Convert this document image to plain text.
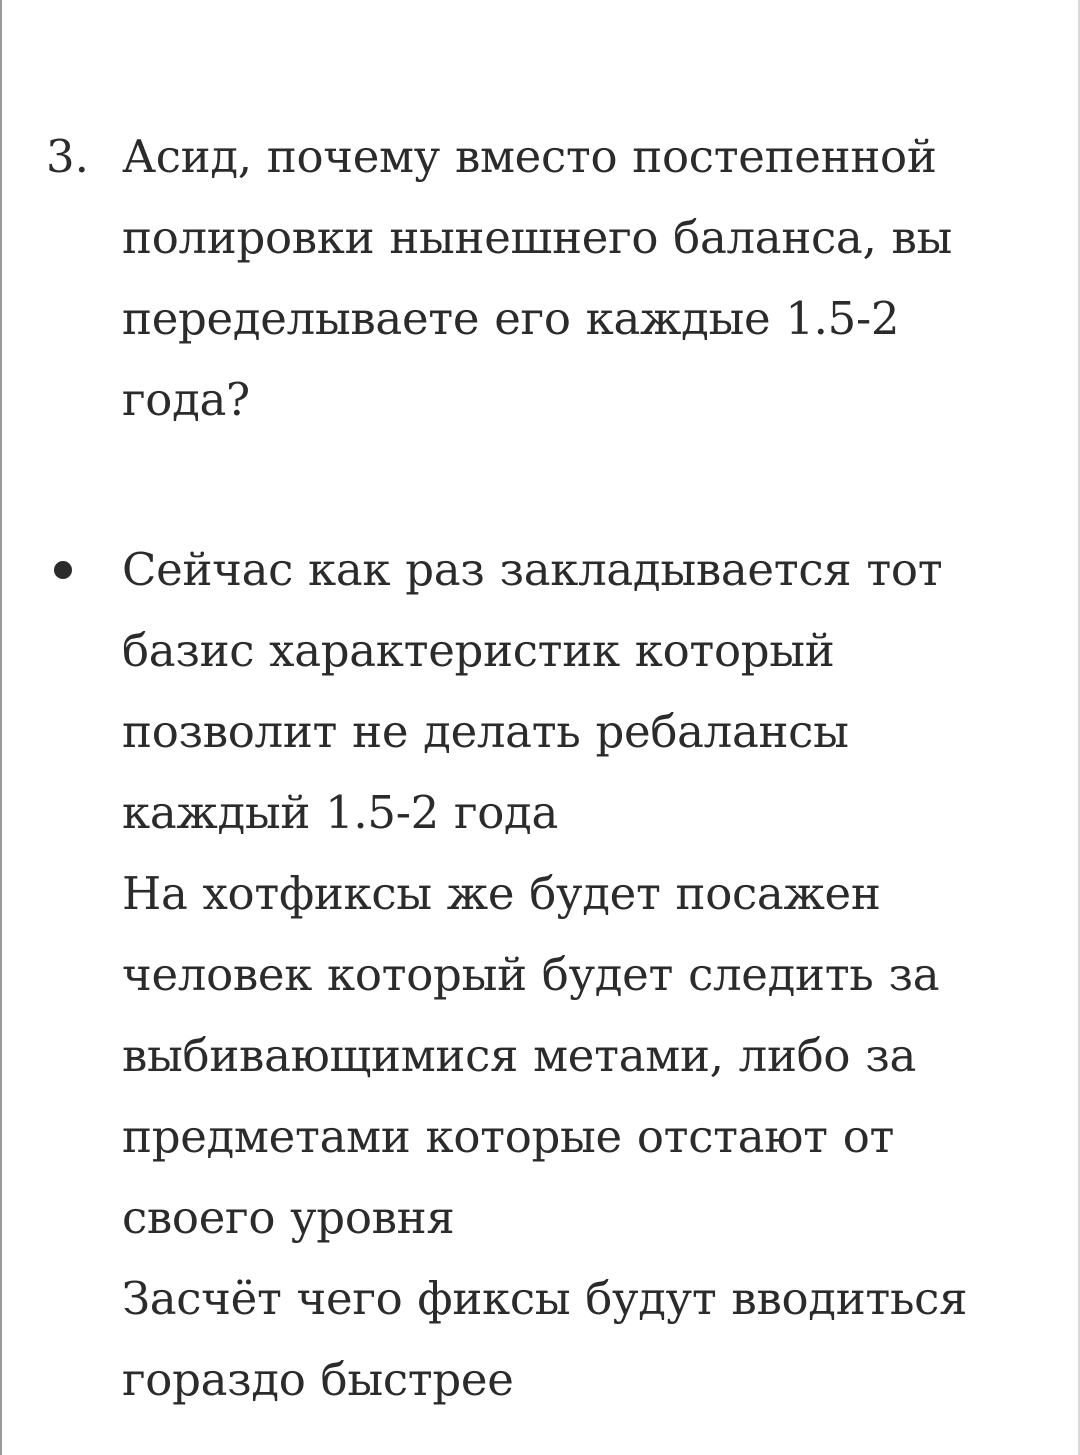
3. Асид, почему вместо постепенной
полировки нынешнего баланса, вы
переделываете его каждые 1.5-2
года?
Сейчас как раз закладывается тот
базис характеристик который
позволит не делать ребалансы
каждый 1.5-2 года
На хотфиксы же будет посажен
человек который будет следить за
выбивающимися метами, либо за
предметами которые отстают от
своего уровня
Засчёт чего фиксы будут вводиться
гораздо быстрее
